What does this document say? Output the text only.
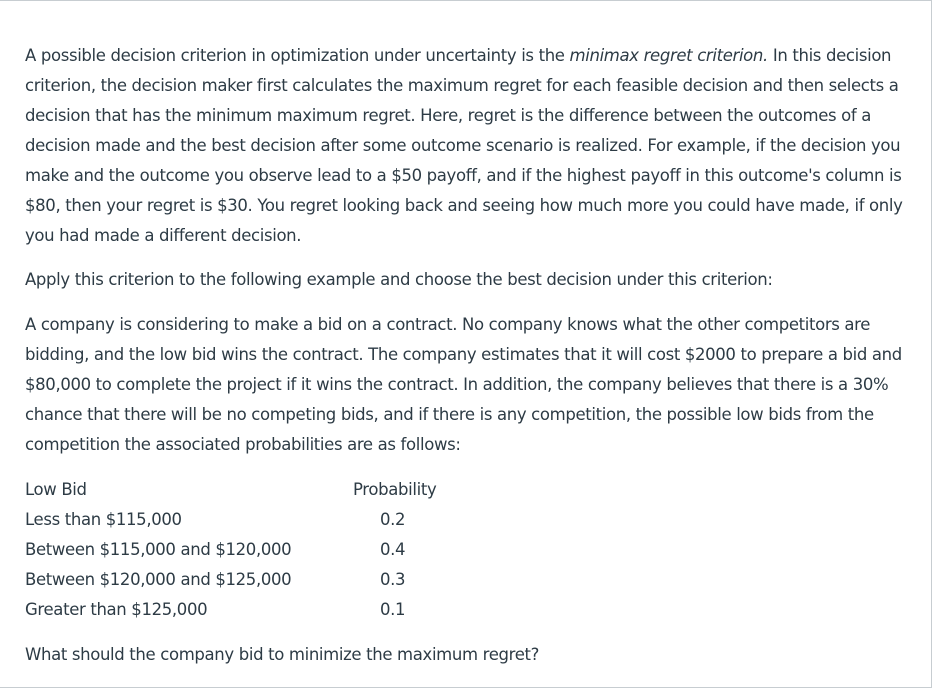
A possible decision criterion in optimization under uncertainty is the minimax regret criterion. In this decision criterion, the decision maker first calculates the maximum regret for each feasible decision and then selects a decision that has the minimum maximum regret. Here, regret is the difference between the outcomes of a decision made and the best decision after some outcome scenario is realized. For example, if the decision you make and the outcome you observe lead to a $50 payoff, and if the highest payoff in this outcome's column is $80, then your regret is $30. You regret looking back and seeing how much more you could have made, if only you had made a different decision.

Apply this criterion to the following example and choose the best decision under this criterion:

A company is considering to make a bid on a contract. No company knows what the other competitors are bidding, and the low bid wins the contract. The company estimates that it will cost $2000 to prepare a bid and $80,000 to complete the project if it wins the contract. In addition, the company believes that there is a 30% chance that there will be no competing bids, and if there is any competition, the possible low bids from the competition the associated probabilities are as follows:

Low Bid	Probability
Less than $115,000	0.2
Between $115,000 and $120,000	0.4
Between $120,000 and $125,000	0.3
Greater than $125,000	0.1

What should the company bid to minimize the maximum regret?
